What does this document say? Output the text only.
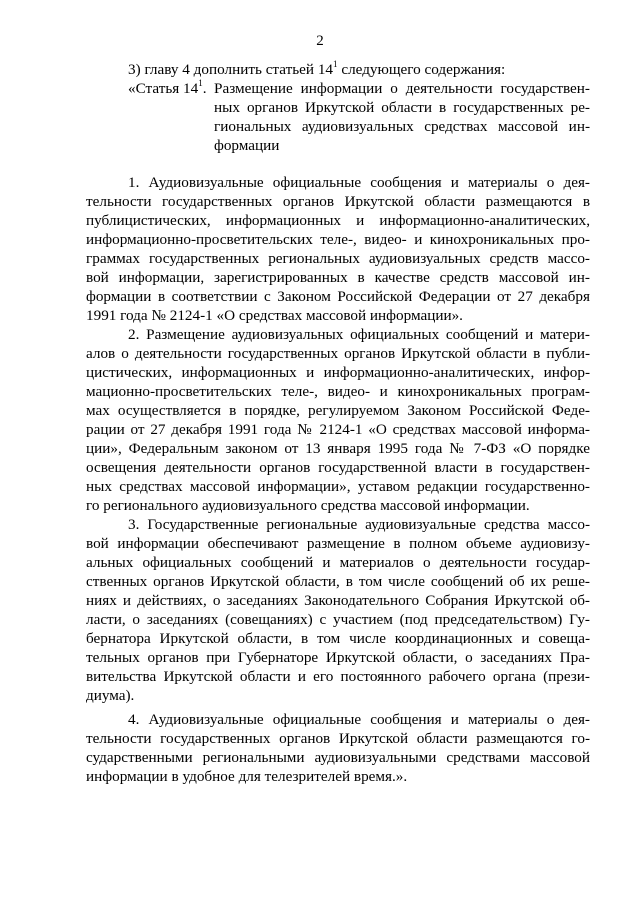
2
3) главу 4 дополнить статьей $14^1$ следующего содержания:
«Статья $14^1$. Размещение информации о деятельности государствен-
ных органов Иркутской области в государственных ре-
гиональных аудиовизуальных средствах массовой ин-
формации
1. Аудиовизуальные официальные сообщения и материалы о дея-
тельности государственных органов Иркутской области размещаются в
публицистических, информационных и информационно-аналитических,
информационно-просветительских теле-, видео- и кинохроникальных про-
граммах государственных региональных аудиовизуальных средств массо-
вой информации, зарегистрированных в качестве средств массовой ин-
формации в соответствии с Законом Российской Федерации от 27 декабря
1991 года № 2124-1 «О средствах массовой информации».
2. Размещение аудиовизуальных официальных сообщений и матери-
алов о деятельности государственных органов Иркутской области в публи-
цистических, информационных и информационно-аналитических, инфор-
мационно-просветительских теле-, видео- и кинохроникальных програм-
мах осуществляется в порядке, регулируемом Законом Российской Феде-
рации от 27 декабря 1991 года № 2124-1 «О средствах массовой информа-
ции», Федеральным законом от 13 января 1995 года № 7-ФЗ «О порядке
освещения деятельности органов государственной власти в государствен-
ных средствах массовой информации», уставом редакции государственно-
го регионального аудиовизуального средства массовой информации.
3. Государственные региональные аудиовизуальные средства массо-
вой информации обеспечивают размещение в полном объеме аудиовизу-
альных официальных сообщений и материалов о деятельности государ-
ственных органов Иркутской области, в том числе сообщений об их реше-
ниях и действиях, о заседаниях Законодательного Собрания Иркутской об-
ласти, о заседаниях (совещаниях) с участием (под председательством) Гу-
бернатора Иркутской области, в том числе координационных и совеща-
тельных органов при Губернаторе Иркутской области, о заседаниях Пра-
вительства Иркутской области и его постоянного рабочего органа (прези-
диума).
4. Аудиовизуальные официальные сообщения и материалы о дея-
тельности государственных органов Иркутской области размещаются го-
сударственными региональными аудиовизуальными средствами массовой
информации в удобное для телезрителей время.».
